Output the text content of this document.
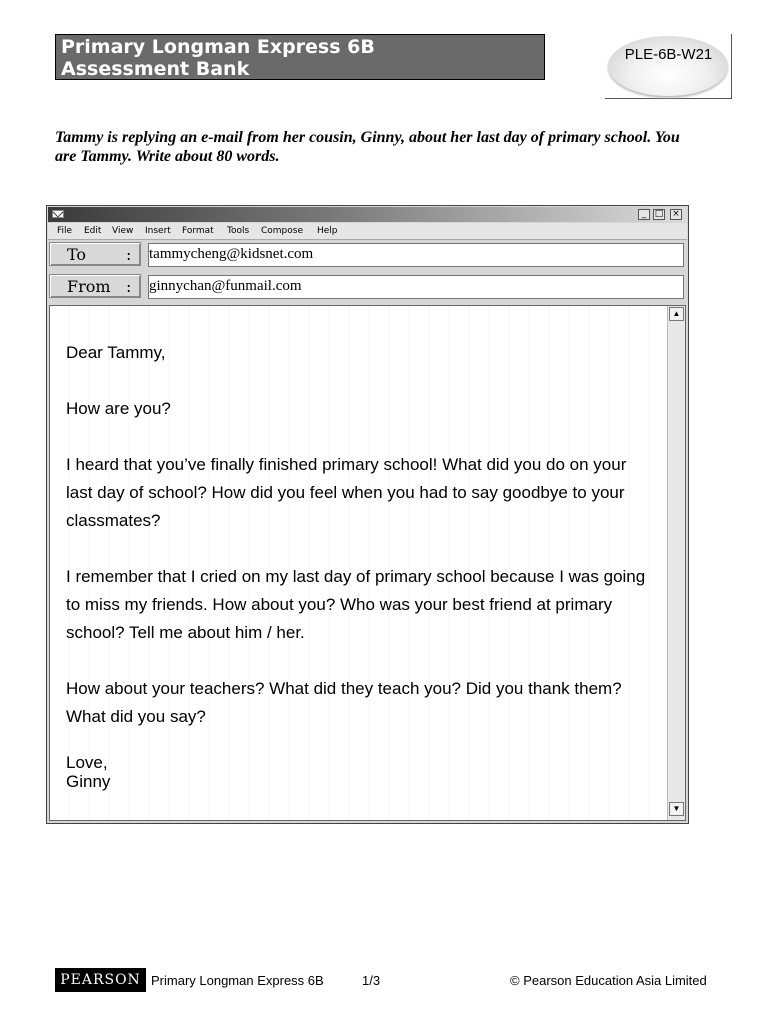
Primary Longman Express 6B
Assessment Bank
PLE-6B-W21
Tammy is replying an e-mail from her cousin, Ginny, about her last day of primary school. You are Tammy. Write about 80 words.
_ □ ×
File Edit View Insert Format Tools Compose Help
To : tammycheng@kidsnet.com
From : ginnychan@funmail.com

Dear Tammy,

How are you?

I heard that you’ve finally finished primary school! What did you do on your last day of school? How did you feel when you had to say goodbye to your classmates?

I remember that I cried on my last day of primary school because I was going to miss my friends. How about you? Who was your best friend at primary school? Tell me about him / her.

How about your teachers? What did they teach you? Did you thank them? What did you say?

Love,
Ginny
▲
▼
PEARSON Primary Longman Express 6B	1/3	© Pearson Education Asia Limited
